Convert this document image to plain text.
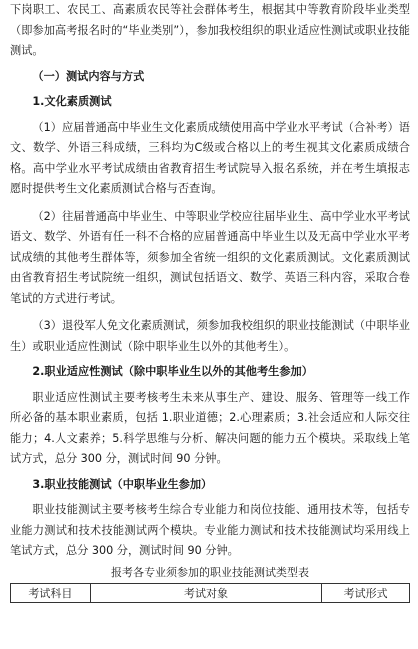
下岗职工、农民工、高素质农民等社会群体考生，根据其中等教育阶段毕业类型（即参加高考报名时的“毕业类别”），参加我校组织的职业适应性测试或职业技能测试。

（一）测试内容与方式

1.文化素质测试

（1）应届普通高中毕业生文化素质成绩使用高中学业水平考试（合补考）语文、数学、外语三科成绩，三科均为C级或合格以上的考生视其文化素质成绩合格。高中学业水平考试成绩由省教育招生考试院导入报名系统，并在考生填报志愿时提供考生文化素质测试合格与否查询。

（2）往届普通高中毕业生、中等职业学校应往届毕业生、高中学业水平考试语文、数学、外语有任一科不合格的应届普通高中毕业生以及无高中学业水平考试成绩的其他考生群体等，须参加全省统一组织的文化素质测试。文化素质测试由省教育招生考试院统一组织，测试包括语文、数学、英语三科内容，采取合卷笔试的方式进行考试。

（3）退役军人免文化素质测试，须参加我校组织的职业技能测试（中职毕业生）或职业适应性测试（除中职毕业生以外的其他考生）。

2.职业适应性测试（除中职毕业生以外的其他考生参加）

职业适应性测试主要考核考生未来从事生产、建设、服务、管理等一线工作所必备的基本职业素质，包括 1.职业道德；2.心理素质；3.社会适应和人际交往能力；4.人文素养；5.科学思维与分析、解决问题的能力五个模块。采取线上笔试方式，总分 300 分，测试时间 90 分钟。

3.职业技能测试（中职毕业生参加）

职业技能测试主要考核考生综合专业能力和岗位技能、通用技术等，包括专业能力测试和技术技能测试两个模块。专业能力测试和技术技能测试均采用线上笔试方式，总分 300 分，测试时间 90 分钟。

报考各专业须参加的职业技能测试类型表
考试科目	考试对象	考试形式
